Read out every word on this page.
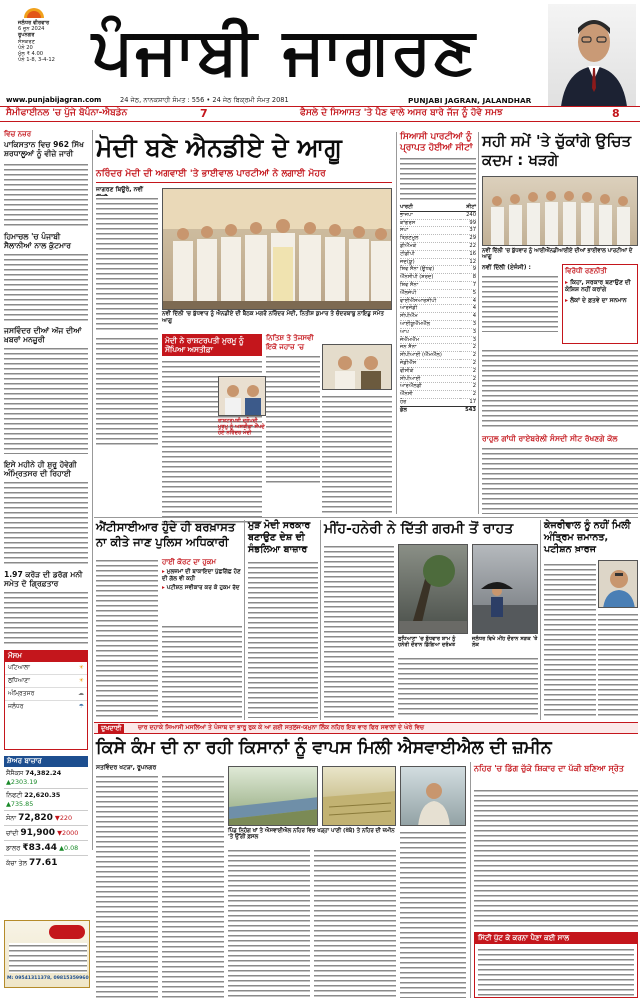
ਜਲੰਧਰ ਵੀਰਵਾਰ
6 ਜੂਨ 2024
ਰੂਪਨਗਰ
ਸੰਸਕਰਣ
ਪੰਨੇ 20
ਮੁੱਲ ₹ 4.00
ਪੰਨੇ 1-8, 3-4-12 ਪੰਜਾਬੀ ਜਾਗਰਣ
www.punjabijagran.com	24 ਜੇਠ, ਨਾਨਕਸ਼ਾਹੀ ਸੰਮਤ : 556 • 24 ਜੇਠ ਬਿਕ੍ਰਮੀ ਸੰਮਤ 2081	PUNJABI JAGRAN, JALANDHAR
ਸੈਮੀਫਾਈਨਲ 'ਚ ਪੁੱਜੇ ਬੋਪੰਨਾ-ਐਬਡੇਨ	7	ਫੈਸਲੇ ਦੇ ਸਿਆਸਤ 'ਤੇ ਪੈਣ ਵਾਲੇ ਅਸਰ ਬਾਰੇ ਜੱਜ ਨੂੰ ਹੋਵੇ ਸਮਝ	8
ਵਿਚ ਨਜ਼ਰ
ਪਾਕਿਸਤਾਨ ਵਿਚ 962 ਸਿੱਖ ਸ਼ਰਧਾਲੂਆਂ ਨੂੰ ਵੀਜ਼ੇ ਜਾਰੀ
ਹਿਮਾਚਲ 'ਚ ਪੰਜਾਬੀ ਸੈਲਾਨੀਆਂ ਨਾਲ ਕੁੱਟਮਾਰ
ਜਸਵਿੰਦਰ ਦੀਆਂ ਅੱਜ ਦੀਆਂ ਖ਼ਬਰਾਂ ਮਨਜ਼ੂਰੀ
ਇਸੇ ਮਹੀਨੇ ਹੀ ਸ਼ੁਰੂ ਹੋਵੇਗੀ ਅੰਮ੍ਰਿਤਸਰ ਦੀ ਰਿਹਾਈ
1.97 ਕਰੋੜ ਦੀ ਡਰੱਗ ਮਨੀ ਸਮੇਤ ਦੋ ਗ੍ਰਿਫ਼ਤਾਰ
ਮੌਸਮ
ਪਟਿਆਲਾ	☀
ਲੁਧਿਆਣਾ	☀
ਅੰਮ੍ਰਿਤਸਰ	☁
ਜਲੰਧਰ	☂
ਸ਼ੇਅਰ ਬਾਜ਼ਾਰ
ਸੈਂਸੈਕਸ 74,382.24 ▲2303.19
ਨਿਫਟੀ 22,620.35 ▲735.85
ਸੋਨਾ 72,820 ▼220
ਚਾਂਦੀ 91,900 ▼2000
ਡਾਲਰ ₹83.44 ▲0.08
ਕੱਚਾ ਤੇਲ 77.61
M: 09541311378, 09815359960
ਮੋਦੀ ਬਣੇ ਐਨਡੀਏ ਦੇ ਆਗੂ
ਨਰਿੰਦਰ ਮੋਦੀ ਦੀ ਅਗਵਾਈ 'ਤੇ ਭਾਈਵਾਲ ਪਾਰਟੀਆਂ ਨੇ ਲਗਾਈ ਮੋਹਰ
ਜਾਗਰਣ ਬਿਊਰੋ, ਨਵੀਂ
ਨਵੀਂ ਦਿੱਲੀ 'ਚ ਬੁੱਧਵਾਰ ਨੂੰ ਐਨਡੀਏ ਦੀ ਬੈਠਕ ਮਗਰੋਂ ਨਰਿੰਦਰ ਮੋਦੀ, ਨਿਤੀਸ਼ ਕੁਮਾਰ ਤੇ ਚੰਦਰਬਾਬੂ ਨਾਇਡੂ ਸਮੇਤ ਆਗੂ
ਮੋਦੀ ਨੇ ਰਾਸ਼ਟਰਪਤੀ ਮੁਰਮੂ ਨੂੰ ਸੌਂਪਿਆ ਅਸਤੀਫ਼ਾ
ਨਿਤਿਸ਼ ਤੇ ਤੇਜਸਵੀ ਇਕੋ ਜਹਾਜ਼ 'ਚ
ਰਾਸ਼ਟਰਪਤੀ ਦ੍ਰੋਪਦੀ ਮੁਰਮੂ ਨੂੰ ਅਸਤੀਫ਼ਾ ਸੌਂਪਦੇ ਹੋਏ ਨਰਿੰਦਰ ਮੋਦੀ
ਸਿਆਸੀ ਪਾਰਟੀਆਂ ਨੂੰ ਪ੍ਰਾਪਤ ਹੋਈਆਂ ਸੀਟਾਂ
ਪਾਰਟੀ	ਸੀਟਾਂ
ਭਾਜਪਾ	240
ਕਾਂਗਰਸ	99
ਸਪਾ	37
ਤ੍ਰਿਣਮੂਲ	29
ਡੀਐੱਮਕੇ	22
ਟੀਡੀਪੀ	16
ਜਦ(ਯੂ)	12
ਸ਼ਿਵ ਸੈਨਾ (ਊਧਵ)	9
ਐੱਨਸੀਪੀ (ਸ਼ਰਦ)	8
ਸ਼ਿਵ ਸੈਨਾ	7
ਐੱਲਜੇਪੀ	5
ਵਾਈਐੱਸਆਰਸੀਪੀ	4
ਆਰਜੇਡੀ	4
ਸੀਪੀਐੱਮ	4
ਆਈਯੂਐੱਮਐੱਲ	3
ਆਪ	3
ਜੇਐੱਮਐੱਮ	3
ਜਨ ਸੈਨਾ	2
ਸੀਪੀਆਈ (ਐੱਮਐੱਲ)	2
ਜੇਡੀਐੱਸ	2
ਵੀਸੀਕੇ	2
ਸੀਪੀਆਈ	2
ਆਰਐੱਲਡੀ	2
ਐੱਨਸੀ	2
ਹੋਰ	17
ਕੁੱਲ	543
ਸਹੀ ਸਮੇਂ 'ਤੇ ਚੁੱਕਾਂਗੇ ਉਚਿਤ ਕਦਮ : ਖੜਗੇ
ਨਵੀਂ ਦਿੱਲੀ 'ਚ ਬੁੱਧਵਾਰ ਨੂੰ ਆਈਐੱਨਡੀਆਈਏ ਦੀਆਂ ਭਾਈਵਾਲ ਪਾਰਟੀਆਂ ਦੇ ਆਗੂ
ਨਵੀਂ ਦਿੱਲੀ (ਏਜੰਸੀ) :	ਵਿਰੋਧੀ ਰਣਨੀਤੀ
▸ ਕਿਹਾ, ਸਰਕਾਰ ਬਣਾਉਣ ਦੀ ਕੋਸ਼ਿਸ਼ ਨਹੀਂ ਕਰਾਂਗੇ
▸ ਲੋਕਾਂ ਦੇ ਫ਼ਤਵੇ ਦਾ ਸਨਮਾਨ
ਰਾਹੁਲ ਗਾਂਧੀ ਰਾਏਬਰੇਲੀ ਸੰਸਦੀ ਸੀਟ ਰੱਖਣਗੇ ਕੋਲ
ਐਂਟੀਸਾਈਆਰ ਹੁੰਦੇ ਹੀ ਬਰਖ਼ਾਸਤ ਨਾ ਕੀਤੇ ਜਾਣ ਪੁਲਿਸ ਅਧਿਕਾਰੀ
ਹਾਈ ਕੋਰਟ ਦਾ ਹੁਕਮ
▸ ਮੁਲਜ਼ਮਾਂ ਦੀ ਬਾਕਾਇਦਾ ਪੁੱਛਗਿੱਛ ਹੋਣ ਦੀ ਗੱਲ ਵੀ ਕਹੀ
▸ ਪਟੀਸ਼ਨ ਸਵੀਕਾਰ ਕਰ ਕੇ ਹੁਕਮ ਰੱਦ
ਮੁੜ ਮੋਦੀ ਸਰਕਾਰ ਬਣਾਉਣ ਦੇਸ਼ ਦੀ ਸੰਭਲਿਆ ਬਾਜ਼ਾਰ
ਮੀਂਹ-ਹਨੇਰੀ ਨੇ ਦਿੱਤੀ ਗਰਮੀ ਤੋਂ ਰਾਹਤ
ਲੁਧਿਆਣਾ 'ਚ ਬੁੱਧਵਾਰ ਸ਼ਾਮ ਨੂੰ ਹਨੇਰੀ ਦੌਰਾਨ ਡਿੱਗਿਆ ਦਰੱਖ਼ਤ
ਜਲੰਧਰ ਵਿਖੇ ਮੀਂਹ ਦੌਰਾਨ ਸੜਕ 'ਤੇ ਲੋਕ
ਕੇਜਰੀਵਾਲ ਨੂੰ ਨਹੀਂ ਮਿਲੀ ਅੰਤ੍ਰਿਮ ਜ਼ਮਾਨਤ, ਪਟੀਸ਼ਨ ਖ਼ਾਰਜ
ਦੁਖਦਾਈ	ਚਾਰ ਦਹਾਕੇ ਸਿਆਸੀ ਮਸਲਿਆਂ ਤੇ ਪੰਜਾਬ ਦਾ ਭਾਰੂ ਰੁਕ ਕੇ ਆ ਗਈ ਸਤਲੁਜ-ਯਮੁਨਾ ਲਿੰਕ ਨਹਿਰ ਇਕ ਵਾਰ ਫਿਰ ਸਵਾਲਾਂ ਦੇ ਘੇਰੇ ਵਿਚ
ਕਿਸੇ ਕੰਮ ਦੀ ਨਾ ਰਹੀ ਕਿਸਾਨਾਂ ਨੂੰ ਵਾਪਸ ਮਿਲੀ ਐਸਵਾਈਐਲ ਦੀ ਜ਼ਮੀਨ
ਸਤਵਿੰਦਰ ਖਟੜਾ, ਰੂਪਨਗਰ
ਪਿੰਡ ਨਿਹੰਗ ਖਾਂ ਤੇ ਐਸਵਾਈਐਲ ਨਹਿਰ ਵਿਚ ਖੜ੍ਹਾ ਪਾਣੀ (ਖੱਬੇ) ਤੇ ਨਹਿਰ ਦੀ ਜ਼ਮੀਨ 'ਤੇ ਉੱਗੀ ਫ਼ਸਲ
ਨਹਿਰ 'ਚ ਡਿੱਗ ਚੁੱਕੇ ਸ਼ਿਕਾਰ ਦਾ ਪੱਕੀ ਬਣਿਆ ਸ੍ਰੋਤ
ਮਿੱਟੀ ਪੁੱਟ ਕੇ ਕਰਨਾ ਪੈਣਾ ਕਈ ਸਾਲ
